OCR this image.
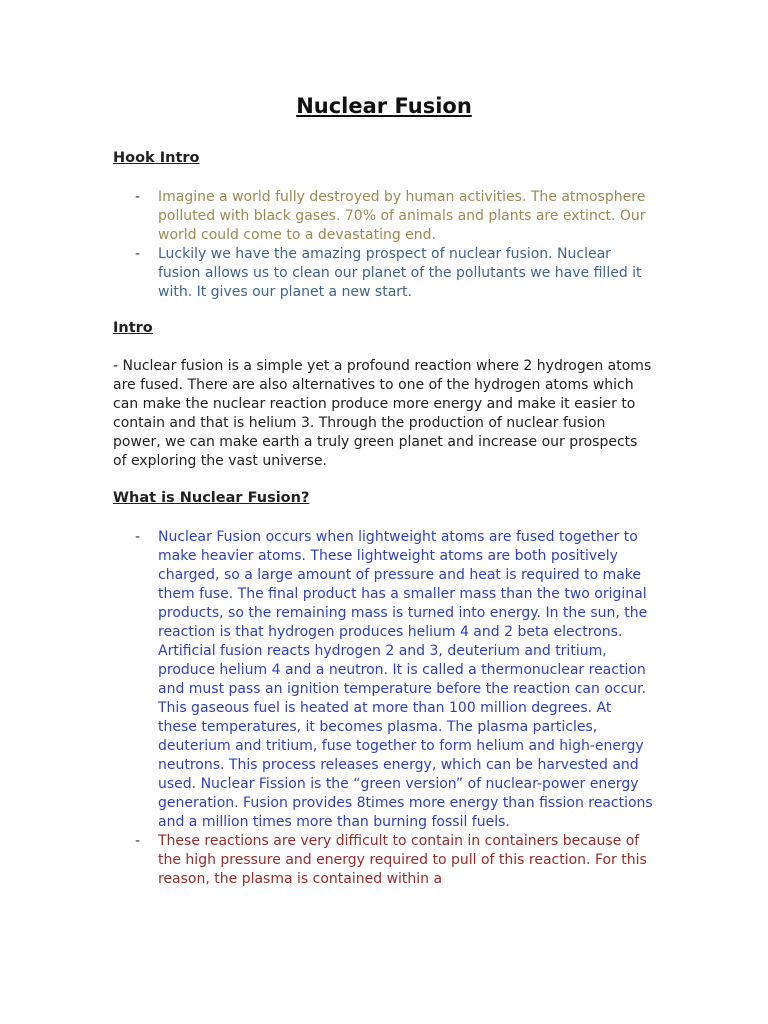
Nuclear Fusion
Hook Intro
- Imagine a world fully destroyed by human activities. The atmosphere polluted with black gases. 70% of animals and plants are extinct. Our world could come to a devastating end.
- Luckily we have the amazing prospect of nuclear fusion. Nuclear fusion allows us to clean our planet of the pollutants we have filled it with. It gives our planet a new start.
Intro

- Nuclear fusion is a simple yet a profound reaction where 2 hydrogen atoms are fused. There are also alternatives to one of the hydrogen atoms which can make the nuclear reaction produce more energy and make it easier to contain and that is helium 3. Through the production of nuclear fusion power, we can make earth a truly green planet and increase our prospects of exploring the vast universe.

What is Nuclear Fusion?
- Nuclear Fusion occurs when lightweight atoms are fused together to make heavier atoms. These lightweight atoms are both positively charged, so a large amount of pressure and heat is required to make them fuse. The final product has a smaller mass than the two original products, so the remaining mass is turned into energy. In the sun, the reaction is that hydrogen produces helium 4 and 2 beta electrons. Artificial fusion reacts hydrogen 2 and 3, deuterium and tritium, produce helium 4 and a neutron. It is called a thermonuclear reaction and must pass an ignition temperature before the reaction can occur. This gaseous fuel is heated at more than 100 million degrees. At these temperatures, it becomes plasma. The plasma particles, deuterium and tritium, fuse together to form helium and high-energy neutrons. This process releases energy, which can be harvested and used. Nuclear Fission is the “green version” of nuclear-power energy generation. Fusion provides 8times more energy than fission reactions and a million times more than burning fossil fuels.
- These reactions are very difficult to contain in containers because of the high pressure and energy required to pull of this reaction. For this reason, the plasma is contained within a
